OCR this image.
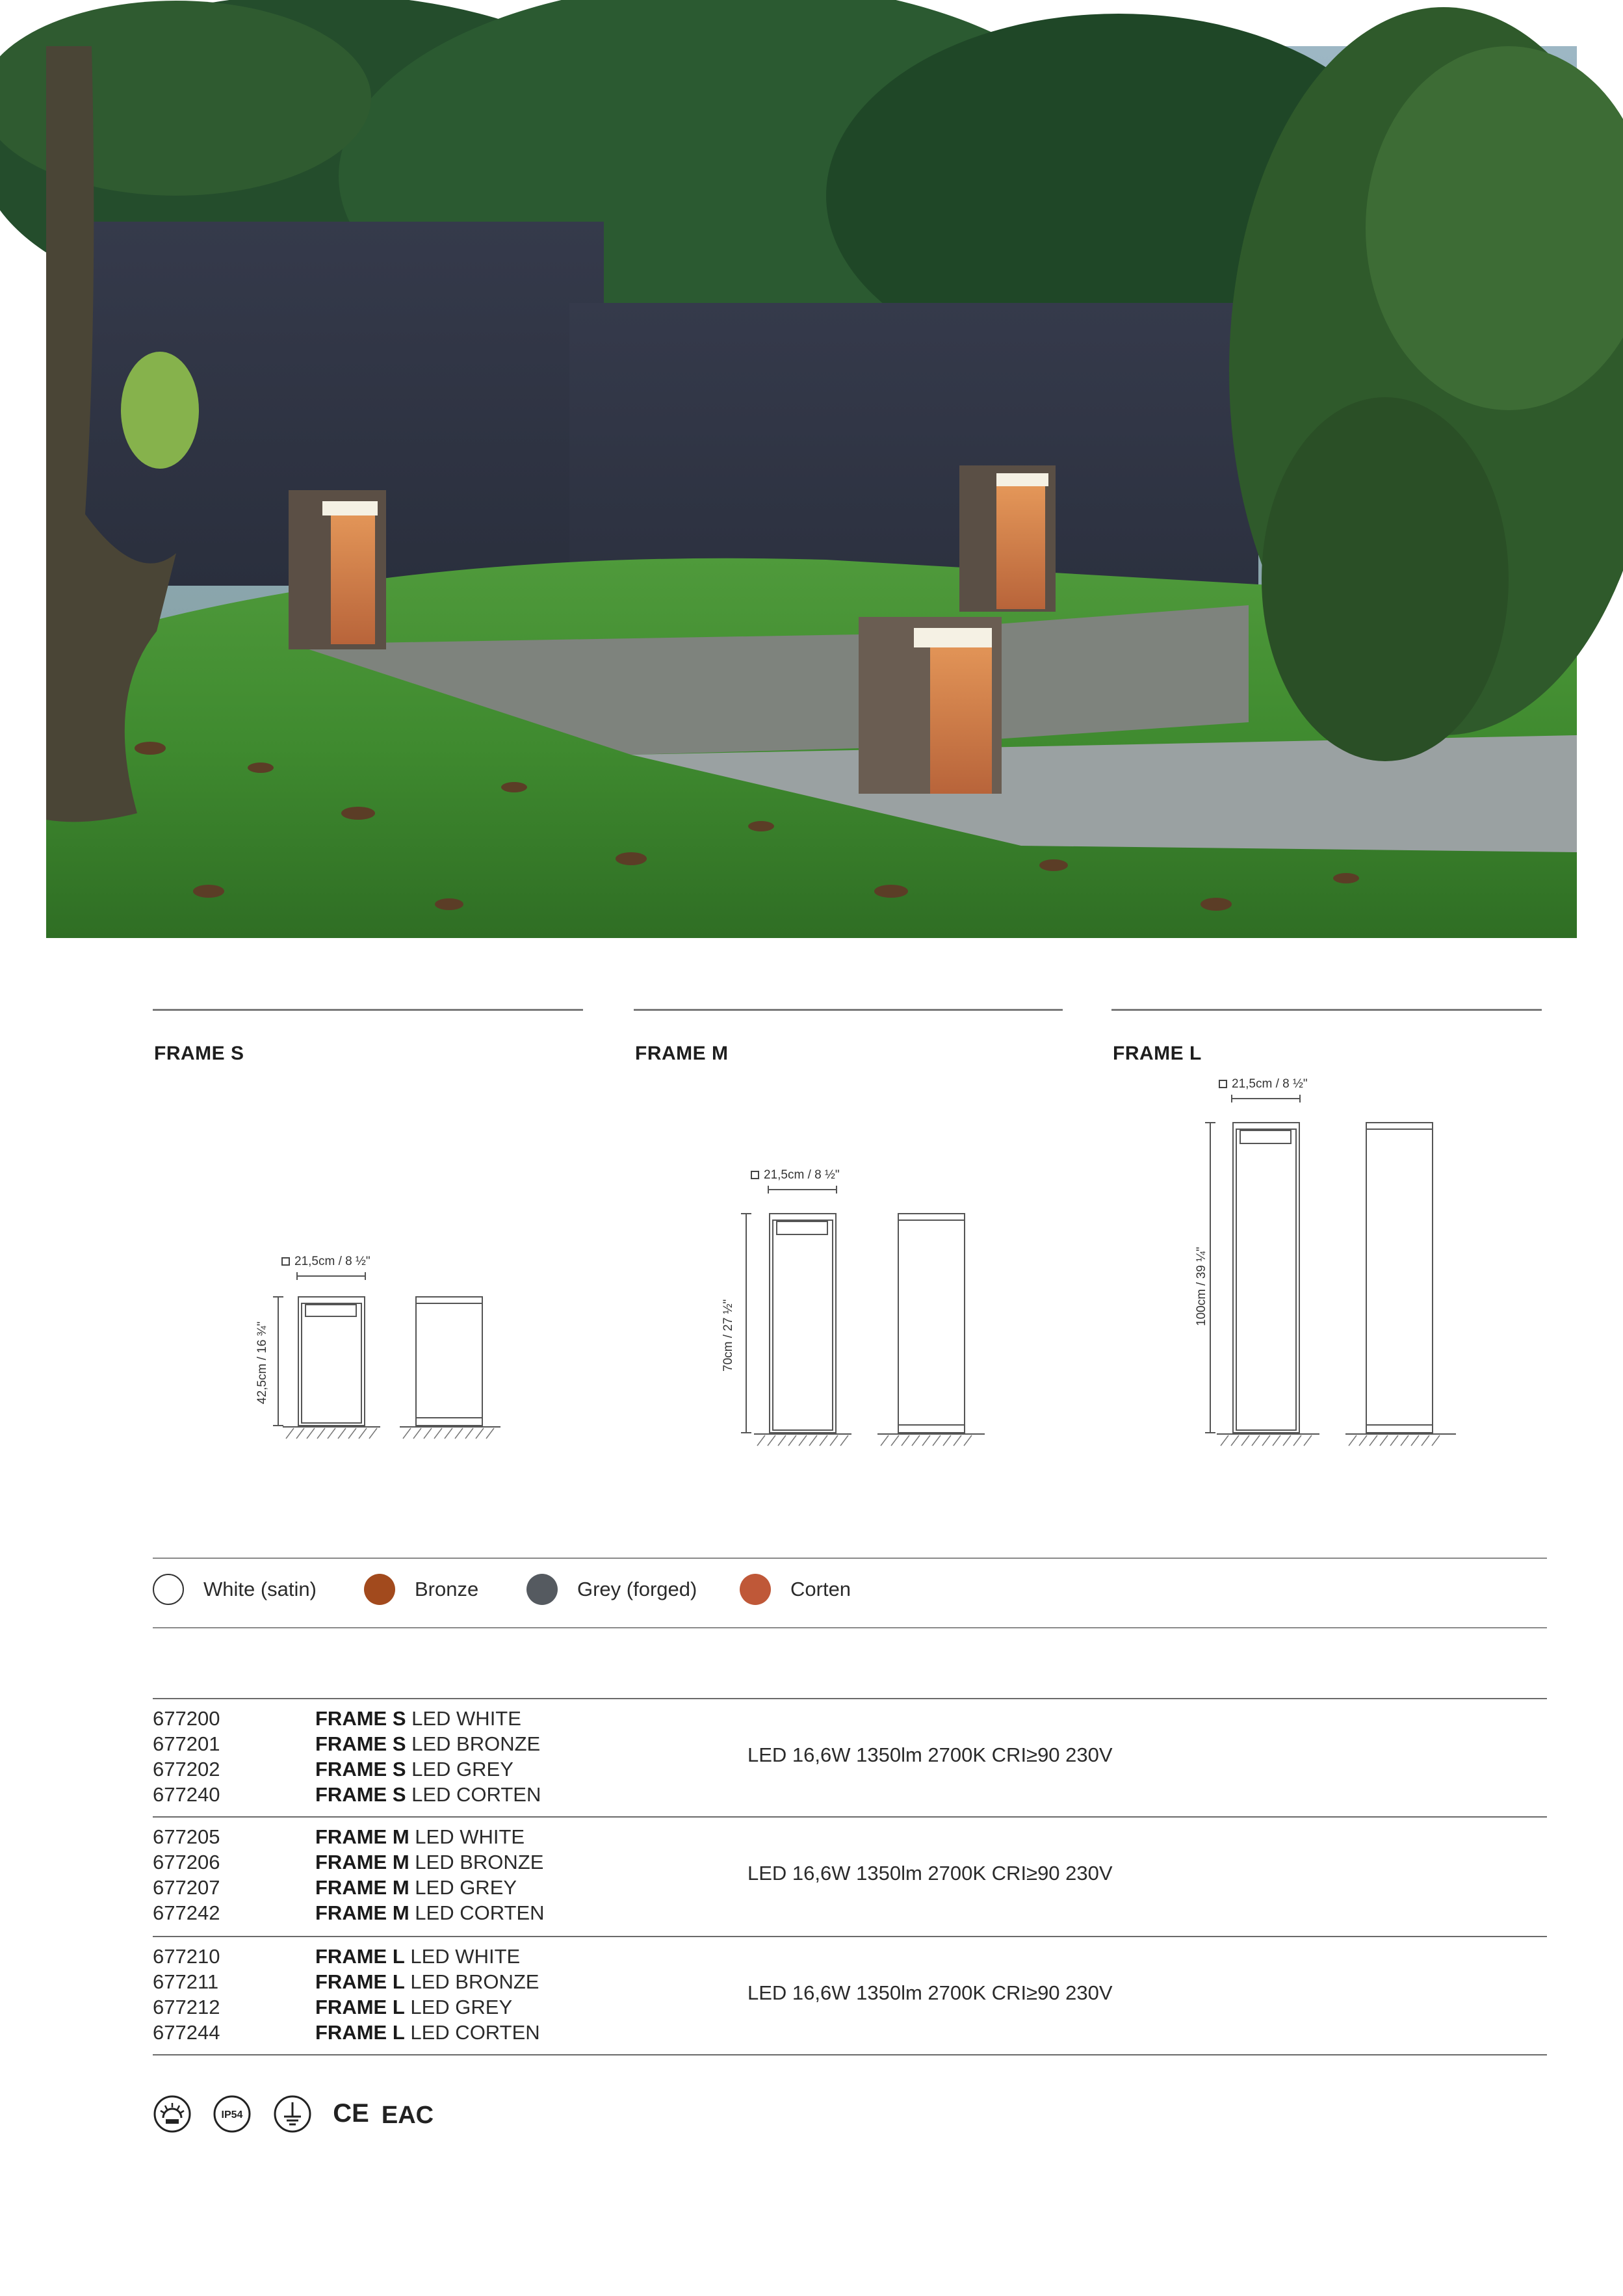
FRAME S
21,5cm / 8 ½"
42,5cm / 16 ¾"
FRAME M
21,5cm / 8 ½"
70cm / 27 ½"
FRAME L
21,5cm / 8 ½"
100cm / 39 ¼"
White (satin)	Bronze	Grey (forged)	Corten
677200	FRAME S LED WHITE
677201	FRAME S LED BRONZE
677202	FRAME S LED GREY
677240	FRAME S LED CORTEN
LED 16,6W 1350lm 2700K CRI≥90 230V
677205	FRAME M LED WHITE
677206	FRAME M LED BRONZE
677207	FRAME M LED GREY
677242	FRAME M LED CORTEN
LED 16,6W 1350lm 2700K CRI≥90 230V
677210	FRAME L LED WHITE
677211	FRAME L LED BRONZE
677212	FRAME L LED GREY
677244	FRAME L LED CORTEN
LED 16,6W 1350lm 2700K CRI≥90 230V
IP54	CE EAC
